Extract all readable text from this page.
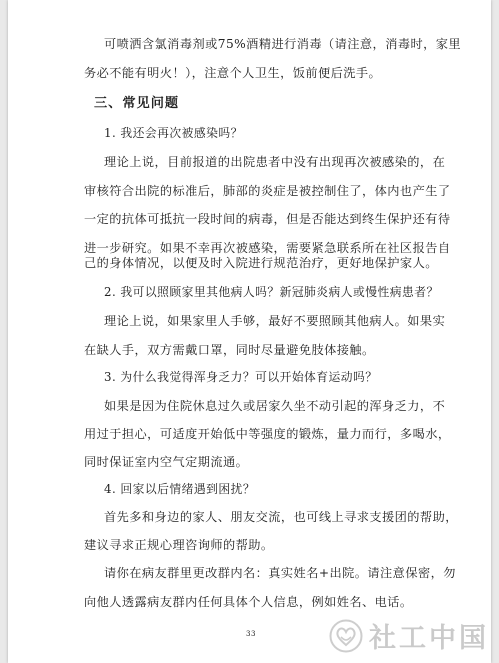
可喷洒含氯消毒剂或75%酒精进行消毒（请注意，消毒时，家里
务必不能有明火！），注意个人卫生，饭前便后洗手。
三、常见问题
1. 我还会再次被感染吗？
理论上说，目前报道的出院患者中没有出现再次被感染的，在
审核符合出院的标准后，肺部的炎症是被控制住了，体内也产生了
一定的抗体可抵抗一段时间的病毒，但是否能达到终生保护还有待
进一步研究。如果不幸再次被感染，需要紧急联系所在社区报告自
己的身体情况，以便及时入院进行规范治疗，更好地保护家人。
2. 我可以照顾家里其他病人吗？新冠肺炎病人或慢性病患者？
理论上说，如果家里人手够，最好不要照顾其他病人。如果实
在缺人手，双方需戴口罩，同时尽量避免肢体接触。
3. 为什么我觉得浑身乏力？可以开始体育运动吗？
如果是因为住院休息过久或居家久坐不动引起的浑身乏力，不
用过于担心，可适度开始低中等强度的锻炼，量力而行，多喝水，
同时保证室内空气定期流通。
4. 回家以后情绪遇到困扰？
首先多和身边的家人、朋友交流，也可线上寻求支援团的帮助，
建议寻求正规心理咨询师的帮助。
请你在病友群里更改群内名：真实姓名+出院。请注意保密，勿
向他人透露病友群内任何具体个人信息，例如姓名、电话。
33	社工中国
